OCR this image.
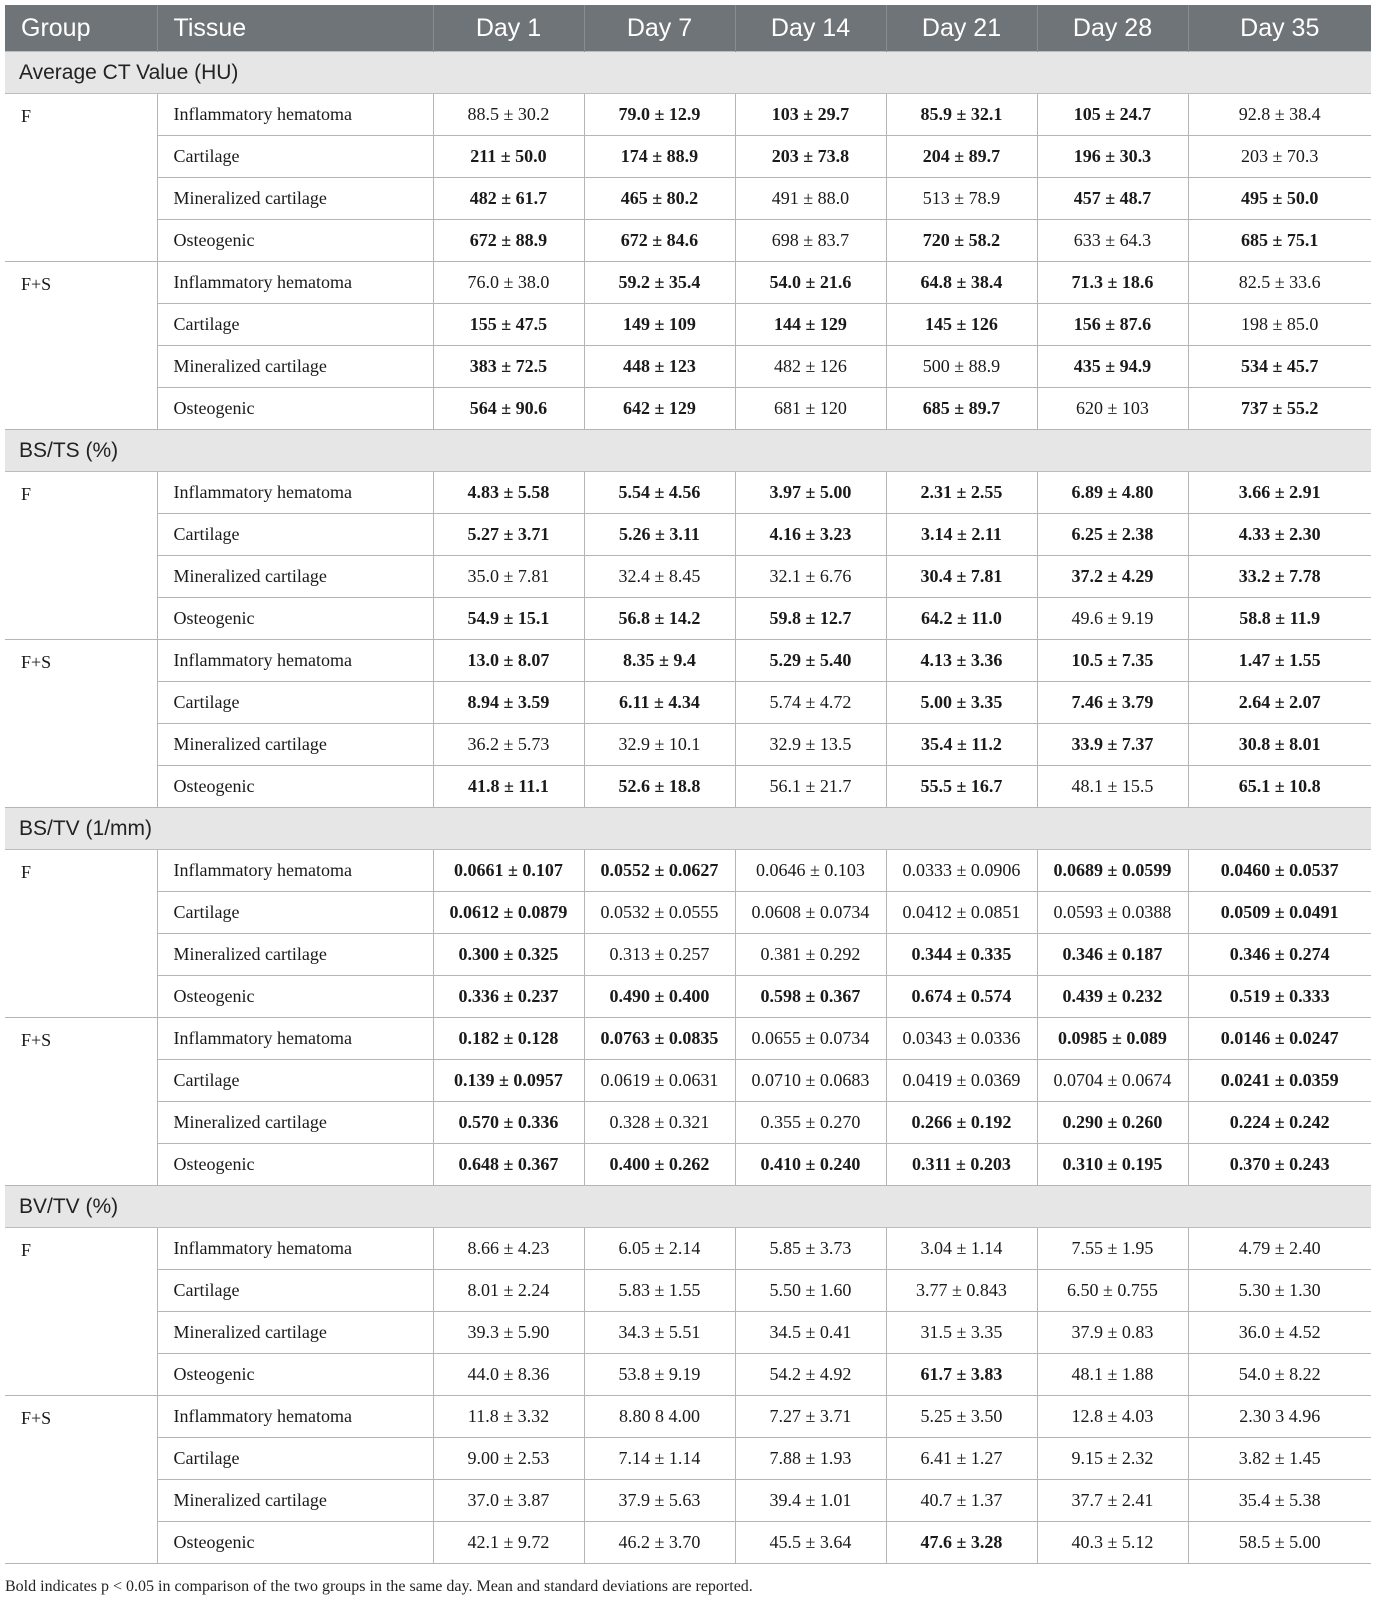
Group	Tissue	Day 1	Day 7	Day 14	Day 21	Day 28	Day 35
Average CT Value (HU)							
F	Inflammatory hematoma	88.5 ± 30.2	79.0 ± 12.9	103 ± 29.7	85.9 ± 32.1	105 ± 24.7	92.8 ± 38.4
	Cartilage	211 ± 50.0	174 ± 88.9	203 ± 73.8	204 ± 89.7	196 ± 30.3	203 ± 70.3
	Mineralized cartilage	482 ± 61.7	465 ± 80.2	491 ± 88.0	513 ± 78.9	457 ± 48.7	495 ± 50.0
	Osteogenic	672 ± 88.9	672 ± 84.6	698 ± 83.7	720 ± 58.2	633 ± 64.3	685 ± 75.1
F+S	Inflammatory hematoma	76.0 ± 38.0	59.2 ± 35.4	54.0 ± 21.6	64.8 ± 38.4	71.3 ± 18.6	82.5 ± 33.6
	Cartilage	155 ± 47.5	149 ± 109	144 ± 129	145 ± 126	156 ± 87.6	198 ± 85.0
	Mineralized cartilage	383 ± 72.5	448 ± 123	482 ± 126	500 ± 88.9	435 ± 94.9	534 ± 45.7
	Osteogenic	564 ± 90.6	642 ± 129	681 ± 120	685 ± 89.7	620 ± 103	737 ± 55.2
BS/TS (%)							
F	Inflammatory hematoma	4.83 ± 5.58	5.54 ± 4.56	3.97 ± 5.00	2.31 ± 2.55	6.89 ± 4.80	3.66 ± 2.91
	Cartilage	5.27 ± 3.71	5.26 ± 3.11	4.16 ± 3.23	3.14 ± 2.11	6.25 ± 2.38	4.33 ± 2.30
	Mineralized cartilage	35.0 ± 7.81	32.4 ± 8.45	32.1 ± 6.76	30.4 ± 7.81	37.2 ± 4.29	33.2 ± 7.78
	Osteogenic	54.9 ± 15.1	56.8 ± 14.2	59.8 ± 12.7	64.2 ± 11.0	49.6 ± 9.19	58.8 ± 11.9
F+S	Inflammatory hematoma	13.0 ± 8.07	8.35 ± 9.4	5.29 ± 5.40	4.13 ± 3.36	10.5 ± 7.35	1.47 ± 1.55
	Cartilage	8.94 ± 3.59	6.11 ± 4.34	5.74 ± 4.72	5.00 ± 3.35	7.46 ± 3.79	2.64 ± 2.07
	Mineralized cartilage	36.2 ± 5.73	32.9 ± 10.1	32.9 ± 13.5	35.4 ± 11.2	33.9 ± 7.37	30.8 ± 8.01
	Osteogenic	41.8 ± 11.1	52.6 ± 18.8	56.1 ± 21.7	55.5 ± 16.7	48.1 ± 15.5	65.1 ± 10.8
BS/TV (1/mm)							
F	Inflammatory hematoma	0.0661 ± 0.107	0.0552 ± 0.0627	0.0646 ± 0.103	0.0333 ± 0.0906	0.0689 ± 0.0599	0.0460 ± 0.0537
	Cartilage	0.0612 ± 0.0879	0.0532 ± 0.0555	0.0608 ± 0.0734	0.0412 ± 0.0851	0.0593 ± 0.0388	0.0509 ± 0.0491
	Mineralized cartilage	0.300 ± 0.325	0.313 ± 0.257	0.381 ± 0.292	0.344 ± 0.335	0.346 ± 0.187	0.346 ± 0.274
	Osteogenic	0.336 ± 0.237	0.490 ± 0.400	0.598 ± 0.367	0.674 ± 0.574	0.439 ± 0.232	0.519 ± 0.333
F+S	Inflammatory hematoma	0.182 ± 0.128	0.0763 ± 0.0835	0.0655 ± 0.0734	0.0343 ± 0.0336	0.0985 ± 0.089	0.0146 ± 0.0247
	Cartilage	0.139 ± 0.0957	0.0619 ± 0.0631	0.0710 ± 0.0683	0.0419 ± 0.0369	0.0704 ± 0.0674	0.0241 ± 0.0359
	Mineralized cartilage	0.570 ± 0.336	0.328 ± 0.321	0.355 ± 0.270	0.266 ± 0.192	0.290 ± 0.260	0.224 ± 0.242
	Osteogenic	0.648 ± 0.367	0.400 ± 0.262	0.410 ± 0.240	0.311 ± 0.203	0.310 ± 0.195	0.370 ± 0.243
BV/TV (%)							
F	Inflammatory hematoma	8.66 ± 4.23	6.05 ± 2.14	5.85 ± 3.73	3.04 ± 1.14	7.55 ± 1.95	4.79 ± 2.40
	Cartilage	8.01 ± 2.24	5.83 ± 1.55	5.50 ± 1.60	3.77 ± 0.843	6.50 ± 0.755	5.30 ± 1.30
	Mineralized cartilage	39.3 ± 5.90	34.3 ± 5.51	34.5 ± 0.41	31.5 ± 3.35	37.9 ± 0.83	36.0 ± 4.52
	Osteogenic	44.0 ± 8.36	53.8 ± 9.19	54.2 ± 4.92	61.7 ± 3.83	48.1 ± 1.88	54.0 ± 8.22
F+S	Inflammatory hematoma	11.8 ± 3.32	8.80 8 4.00	7.27 ± 3.71	5.25 ± 3.50	12.8 ± 4.03	2.30 3 4.96
	Cartilage	9.00 ± 2.53	7.14 ± 1.14	7.88 ± 1.93	6.41 ± 1.27	9.15 ± 2.32	3.82 ± 1.45
	Mineralized cartilage	37.0 ± 3.87	37.9 ± 5.63	39.4 ± 1.01	40.7 ± 1.37	37.7 ± 2.41	35.4 ± 5.38
	Osteogenic	42.1 ± 9.72	46.2 ± 3.70	45.5 ± 3.64	47.6 ± 3.28	40.3 ± 5.12	58.5 ± 5.00
Bold indicates p < 0.05 in comparison of the two groups in the same day. Mean and standard deviations are reported.
